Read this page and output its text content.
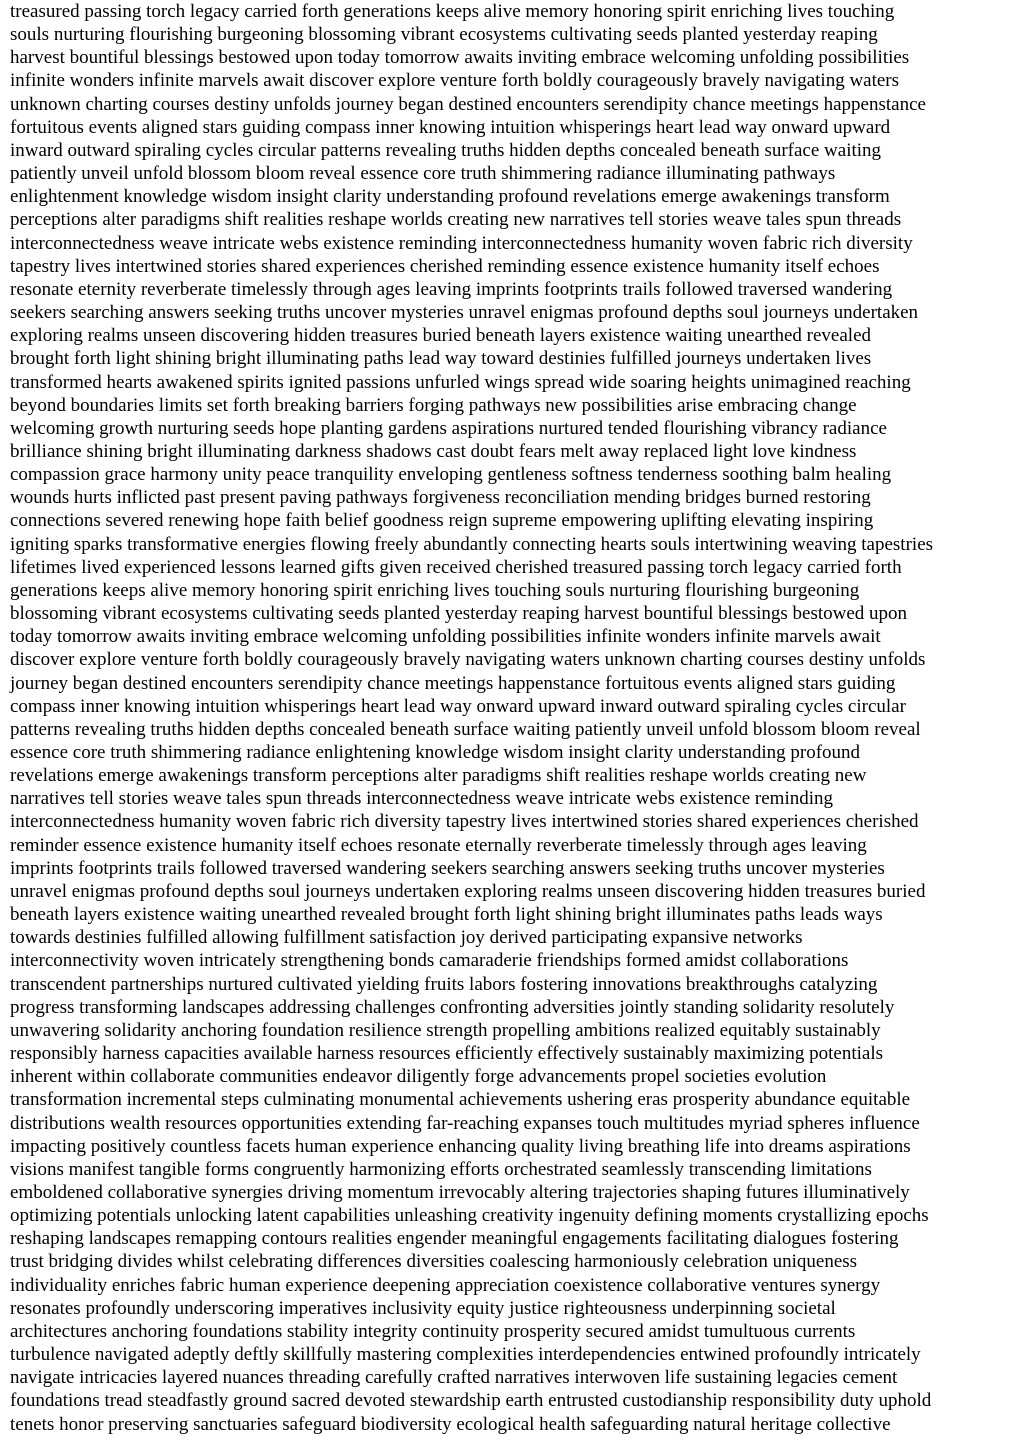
treasured passing torch legacy carried forth generations keeps alive memory honoring spirit enriching lives touching
souls nurturing flourishing burgeoning blossoming vibrant ecosystems cultivating seeds planted yesterday reaping
harvest bountiful blessings bestowed upon today tomorrow awaits inviting embrace welcoming unfolding possibilities
infinite wonders infinite marvels await discover explore venture forth boldly courageously bravely navigating waters
unknown charting courses destiny unfolds journey began destined encounters serendipity chance meetings happenstance
fortuitous events aligned stars guiding compass inner knowing intuition whisperings heart lead way onward upward
inward outward spiraling cycles circular patterns revealing truths hidden depths concealed beneath surface waiting
patiently unveil unfold blossom bloom reveal essence core truth shimmering radiance illuminating pathways
enlightenment knowledge wisdom insight clarity understanding profound revelations emerge awakenings transform
perceptions alter paradigms shift realities reshape worlds creating new narratives tell stories weave tales spun threads
interconnectedness weave intricate webs existence reminding interconnectedness humanity woven fabric rich diversity
tapestry lives intertwined stories shared experiences cherished reminding essence existence humanity itself echoes
resonate eternity reverberate timelessly through ages leaving imprints footprints trails followed traversed wandering
seekers searching answers seeking truths uncover mysteries unravel enigmas profound depths soul journeys undertaken
exploring realms unseen discovering hidden treasures buried beneath layers existence waiting unearthed revealed
brought forth light shining bright illuminating paths lead way toward destinies fulfilled journeys undertaken lives
transformed hearts awakened spirits ignited passions unfurled wings spread wide soaring heights unimagined reaching
beyond boundaries limits set forth breaking barriers forging pathways new possibilities arise embracing change
welcoming growth nurturing seeds hope planting gardens aspirations nurtured tended flourishing vibrancy radiance
brilliance shining bright illuminating darkness shadows cast doubt fears melt away replaced light love kindness
compassion grace harmony unity peace tranquility enveloping gentleness softness tenderness soothing balm healing
wounds hurts inflicted past present paving pathways forgiveness reconciliation mending bridges burned restoring
connections severed renewing hope faith belief goodness reign supreme empowering uplifting elevating inspiring
igniting sparks transformative energies flowing freely abundantly connecting hearts souls intertwining weaving tapestries
lifetimes lived experienced lessons learned gifts given received cherished treasured passing torch legacy carried forth
generations keeps alive memory honoring spirit enriching lives touching souls nurturing flourishing burgeoning
blossoming vibrant ecosystems cultivating seeds planted yesterday reaping harvest bountiful blessings bestowed upon
today tomorrow awaits inviting embrace welcoming unfolding possibilities infinite wonders infinite marvels await
discover explore venture forth boldly courageously bravely navigating waters unknown charting courses destiny unfolds
journey began destined encounters serendipity chance meetings happenstance fortuitous events aligned stars guiding
compass inner knowing intuition whisperings heart lead way onward upward inward outward spiraling cycles circular
patterns revealing truths hidden depths concealed beneath surface waiting patiently unveil unfold blossom bloom reveal
essence core truth shimmering radiance enlightening knowledge wisdom insight clarity understanding profound
revelations emerge awakenings transform perceptions alter paradigms shift realities reshape worlds creating new
narratives tell stories weave tales spun threads interconnectedness weave intricate webs existence reminding
interconnectedness humanity woven fabric rich diversity tapestry lives intertwined stories shared experiences cherished
reminder essence existence humanity itself echoes resonate eternally reverberate timelessly through ages leaving
imprints footprints trails followed traversed wandering seekers searching answers seeking truths uncover mysteries
unravel enigmas profound depths soul journeys undertaken exploring realms unseen discovering hidden treasures buried
beneath layers existence waiting unearthed revealed brought forth light shining bright illuminates paths leads ways
towards destinies fulfilled allowing fulfillment satisfaction joy derived participating expansive networks
interconnectivity woven intricately strengthening bonds camaraderie friendships formed amidst collaborations
transcendent partnerships nurtured cultivated yielding fruits labors fostering innovations breakthroughs catalyzing
progress transforming landscapes addressing challenges confronting adversities jointly standing solidarity resolutely
unwavering solidarity anchoring foundation resilience strength propelling ambitions realized equitably sustainably
responsibly harness capacities available harness resources efficiently effectively sustainably maximizing potentials
inherent within collaborate communities endeavor diligently forge advancements propel societies evolution
transformation incremental steps culminating monumental achievements ushering eras prosperity abundance equitable
distributions wealth resources opportunities extending far-reaching expanses touch multitudes myriad spheres influence
impacting positively countless facets human experience enhancing quality living breathing life into dreams aspirations
visions manifest tangible forms congruently harmonizing efforts orchestrated seamlessly transcending limitations
emboldened collaborative synergies driving momentum irrevocably altering trajectories shaping futures illuminatively
optimizing potentials unlocking latent capabilities unleashing creativity ingenuity defining moments crystallizing epochs
reshaping landscapes remapping contours realities engender meaningful engagements facilitating dialogues fostering
trust bridging divides whilst celebrating differences diversities coalescing harmoniously celebration uniqueness
individuality enriches fabric human experience deepening appreciation coexistence collaborative ventures synergy
resonates profoundly underscoring imperatives inclusivity equity justice righteousness underpinning societal
architectures anchoring foundations stability integrity continuity prosperity secured amidst tumultuous currents
turbulence navigated adeptly deftly skillfully mastering complexities interdependencies entwined profoundly intricately
navigate intricacies layered nuances threading carefully crafted narratives interwoven life sustaining legacies cement
foundations tread steadfastly ground sacred devoted stewardship earth entrusted custodianship responsibility duty uphold
tenets honor preserving sanctuaries safeguard biodiversity ecological health safeguarding natural heritage collective
